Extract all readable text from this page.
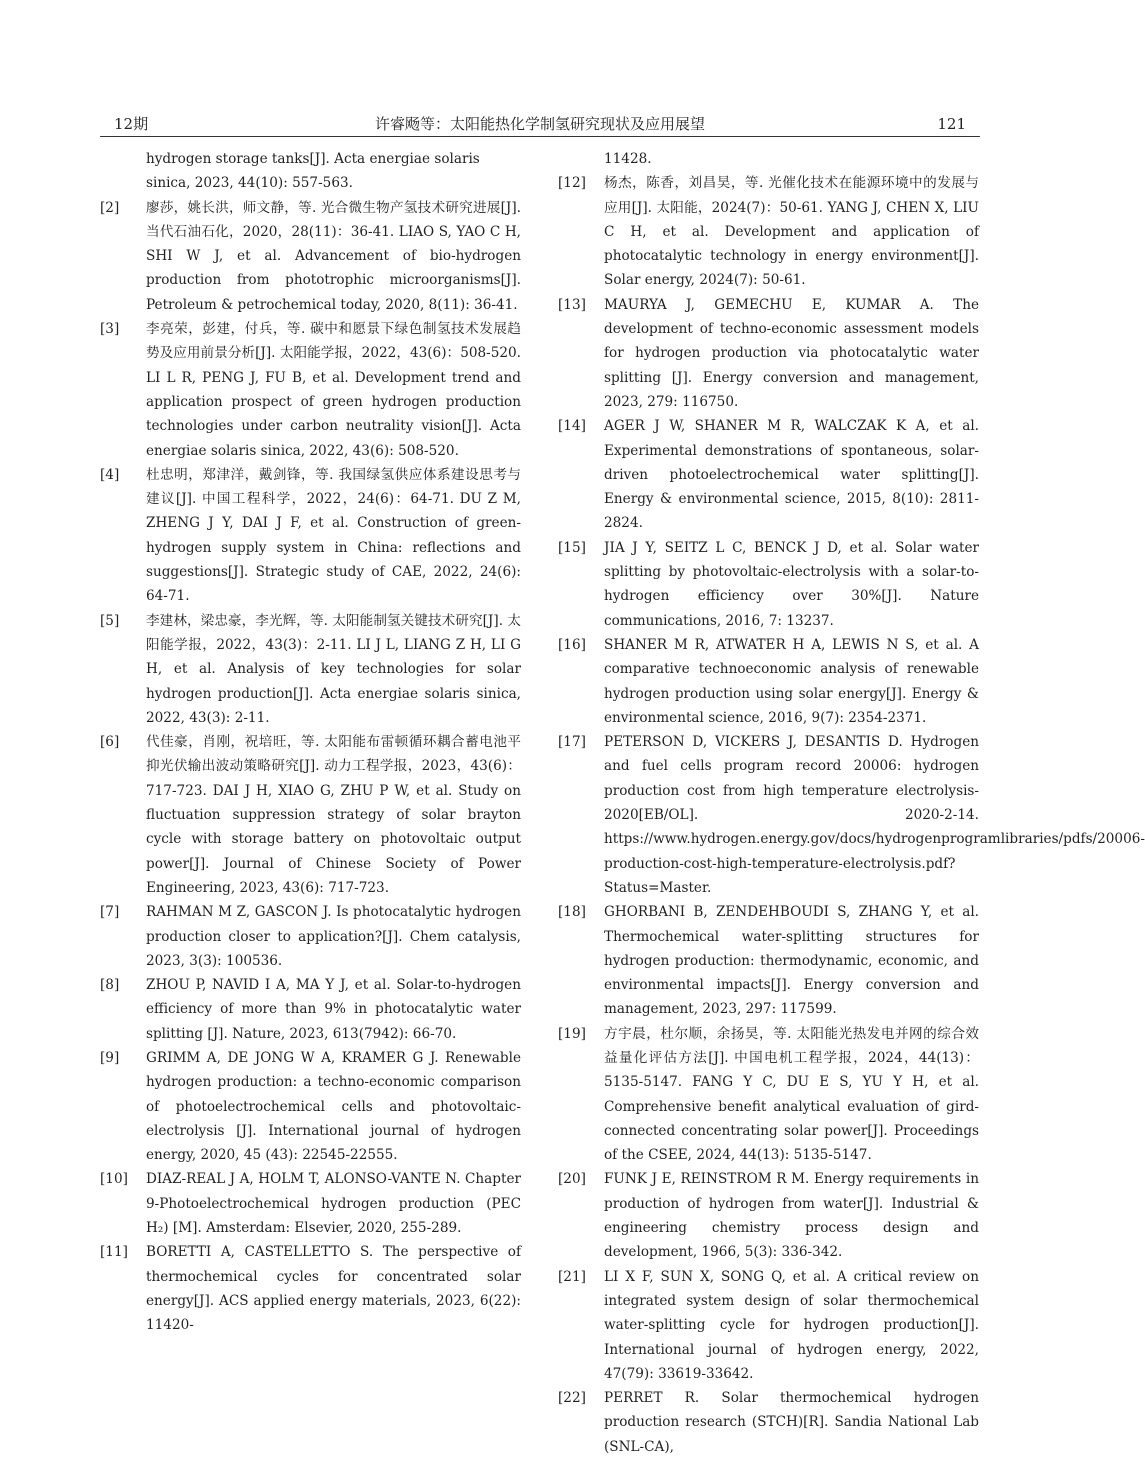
12期	许睿飏等：太阳能热化学制氢研究现状及应用展望	121
hydrogen storage tanks[J]. Acta energiae solaris sinica, 2023, 44(10): 557-563.
[2] 廖莎，姚长洪，师文静，等. 光合微生物产氢技术研究进展[J]. 当代石油石化，2020，28(11)：36-41. LIAO S, YAO C H, SHI W J, et al. Advancement of bio-hydrogen production from phototrophic microorganisms[J]. Petroleum & petrochemical today, 2020, 8(11): 36-41.
[3] 李亮荣，彭建，付兵，等. 碳中和愿景下绿色制氢技术发展趋势及应用前景分析[J]. 太阳能学报，2022，43(6)：508-520. LI L R, PENG J, FU B, et al. Development trend and application prospect of green hydrogen production technologies under carbon neutrality vision[J]. Acta energiae solaris sinica, 2022, 43(6): 508-520.
[4] 杜忠明，郑津洋，戴剑锋，等. 我国绿氢供应体系建设思考与建议[J]. 中国工程科学，2022，24(6)：64-71. DU Z M, ZHENG J Y, DAI J F, et al. Construction of green-hydrogen supply system in China: reflections and suggestions[J]. Strategic study of CAE, 2022, 24(6): 64-71.
[5] 李建林，梁忠豪，李光辉，等. 太阳能制氢关键技术研究[J]. 太阳能学报，2022，43(3)：2-11. LI J L, LIANG Z H, LI G H, et al. Analysis of key technologies for solar hydrogen production[J]. Acta energiae solaris sinica, 2022, 43(3): 2-11.
[6] 代佳豪，肖刚，祝培旺，等. 太阳能布雷顿循环耦合蓄电池平抑光伏输出波动策略研究[J]. 动力工程学报，2023，43(6)：717-723. DAI J H, XIAO G, ZHU P W, et al. Study on fluctuation suppression strategy of solar brayton cycle with storage battery on photovoltaic output power[J]. Journal of Chinese Society of Power Engineering, 2023, 43(6): 717-723.
[7] RAHMAN M Z, GASCON J. Is photocatalytic hydrogen production closer to application?[J]. Chem catalysis, 2023, 3(3): 100536.
[8] ZHOU P, NAVID I A, MA Y J, et al. Solar-to-hydrogen efficiency of more than 9% in photocatalytic water splitting [J]. Nature, 2023, 613(7942): 66-70.
[9] GRIMM A, DE JONG W A, KRAMER G J. Renewable hydrogen production: a techno-economic comparison of photoelectrochemical cells and photovoltaic-electrolysis [J]. International journal of hydrogen energy, 2020, 45 (43): 22545-22555.
[10] DIAZ-REAL J A, HOLM T, ALONSO-VANTE N. Chapter 9-Photoelectrochemical hydrogen production (PEC H₂) [M]. Amsterdam: Elsevier, 2020, 255-289.
[11] BORETTI A, CASTELLETTO S. The perspective of thermochemical cycles for concentrated solar energy[J]. ACS applied energy materials, 2023, 6(22): 11420-
11428.
[12] 杨杰，陈香，刘昌昊，等. 光催化技术在能源环境中的发展与应用[J]. 太阳能，2024(7)：50-61. YANG J, CHEN X, LIU C H, et al. Development and application of photocatalytic technology in energy environment[J]. Solar energy, 2024(7): 50-61.
[13] MAURYA J, GEMECHU E, KUMAR A. The development of techno-economic assessment models for hydrogen production via photocatalytic water splitting [J]. Energy conversion and management, 2023, 279: 116750.
[14] AGER J W, SHANER M R, WALCZAK K A, et al. Experimental demonstrations of spontaneous, solar-driven photoelectrochemical water splitting[J]. Energy & environmental science, 2015, 8(10): 2811-2824.
[15] JIA J Y, SEITZ L C, BENCK J D, et al. Solar water splitting by photovoltaic-electrolysis with a solar-to-hydrogen efficiency over 30%[J]. Nature communications, 2016, 7: 13237.
[16] SHANER M R, ATWATER H A, LEWIS N S, et al. A comparative technoeconomic analysis of renewable hydrogen production using solar energy[J]. Energy & environmental science, 2016, 9(7): 2354-2371.
[17] PETERSON D, VICKERS J, DESANTIS D. Hydrogen and fuel cells program record 20006: hydrogen production cost from high temperature electrolysis-2020[EB/OL]. 2020-2-14. https://www.hydrogen.energy.gov/docs/hydrogenprogramlibraries/pdfs/20006-production-cost-high-temperature-electrolysis.pdf?Status=Master.
[18] GHORBANI B, ZENDEHBOUDI S, ZHANG Y, et al. Thermochemical water-splitting structures for hydrogen production: thermodynamic, economic, and environmental impacts[J]. Energy conversion and management, 2023, 297: 117599.
[19] 方宇晨，杜尔顺，余扬昊，等. 太阳能光热发电并网的综合效益量化评估方法[J]. 中国电机工程学报，2024，44(13)：5135-5147. FANG Y C, DU E S, YU Y H, et al. Comprehensive benefit analytical evaluation of gird-connected concentrating solar power[J]. Proceedings of the CSEE, 2024, 44(13): 5135-5147.
[20] FUNK J E, REINSTROM R M. Energy requirements in production of hydrogen from water[J]. Industrial & engineering chemistry process design and development, 1966, 5(3): 336-342.
[21] LI X F, SUN X, SONG Q, et al. A critical review on integrated system design of solar thermochemical water-splitting cycle for hydrogen production[J]. International journal of hydrogen energy, 2022, 47(79): 33619-33642.
[22] PERRET R. Solar thermochemical hydrogen production research (STCH)[R]. Sandia National Lab (SNL-CA),
